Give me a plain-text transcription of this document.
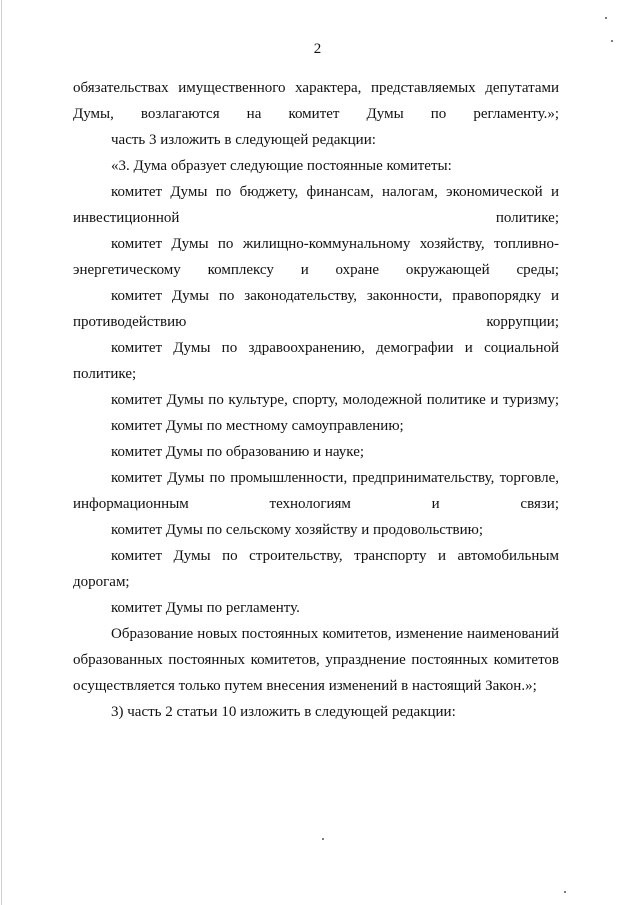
2

обязательствах имущественного характера, представляемых депутатами Думы, возлагаются на комитет Думы по регламенту.»;

часть 3 изложить в следующей редакции:

«3. Дума образует следующие постоянные комитеты:

комитет Думы по бюджету, финансам, налогам, экономической и инвестиционной политике;

комитет Думы по жилищно-коммунальному хозяйству, топливно- энергетическому комплексу и охране окружающей среды;

комитет Думы по законодательству, законности, правопорядку и противодействию коррупции;

комитет Думы по здравоохранению, демографии и социальной политике;

комитет Думы по культуре, спорту, молодежной политике и туризму;

комитет Думы по местному самоуправлению;

комитет Думы по образованию и науке;

комитет Думы по промышленности, предпринимательству, торговле, информационным технологиям и связи;

комитет Думы по сельскому хозяйству и продовольствию;

комитет Думы по строительству, транспорту и автомобильным дорогам;

комитет Думы по регламенту.

Образование новых постоянных комитетов, изменение наименований образованных постоянных комитетов, упразднение постоянных комитетов осуществляется только путем внесения изменений в настоящий Закон.»;

3) часть 2 статьи 10 изложить в следующей редакции:
